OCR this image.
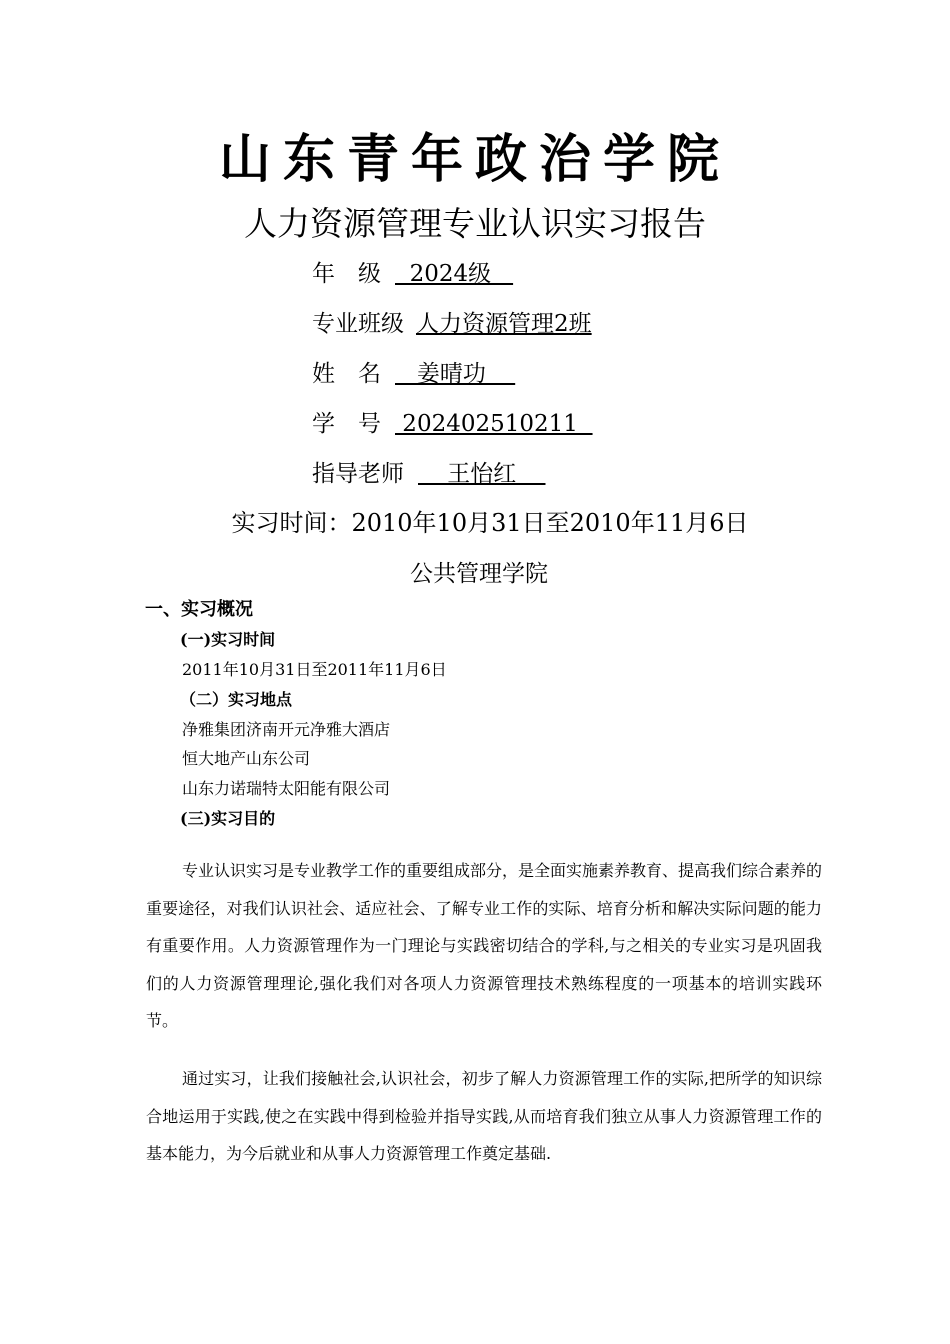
山东青年政治学院
人力资源管理专业认识实习报告
年　级  2024级
专业班级 人力资源管理2班
姓　名   姜晴功
学　号 202402510211
指导老师    王怡红
实习时间：2010年10月31日至2010年11月6日
公共管理学院
一、实习概况
(一)实习时间
2011年10月31日至2011年11月6日
（二）实习地点
净雅集团济南开元净雅大酒店
恒大地产山东公司
山东力诺瑞特太阳能有限公司
(三)实习目的

专业认识实习是专业教学工作的重要组成部分，是全面实施素养教育、提高我们综合素养的重要途径，对我们认识社会、适应社会、了解专业工作的实际、培育分析和解决实际问题的能力有重要作用。人力资源管理作为一门理论与实践密切结合的学科,与之相关的专业实习是巩固我们的人力资源管理理论,强化我们对各项人力资源管理技术熟练程度的一项基本的培训实践环节。

通过实习，让我们接触社会,认识社会，初步了解人力资源管理工作的实际,把所学的知识综合地运用于实践,使之在实践中得到检验并指导实践,从而培育我们独立从事人力资源管理工作的基本能力，为今后就业和从事人力资源管理工作奠定基础.
